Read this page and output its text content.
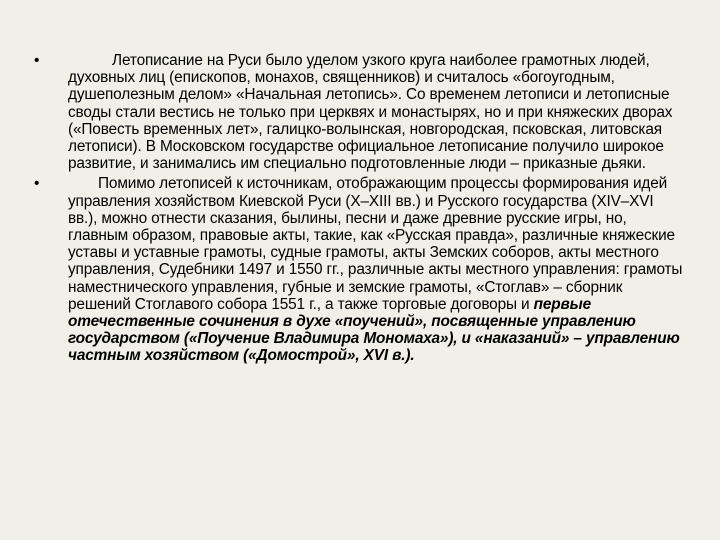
•	Летописание на Руси было уделом узкого круга наиболее грамотных людей, духовных лиц (епископов, монахов, священников) и считалось «богоугодным, душеполезным делом» «Начальная летопись». Со временем летописи и летописные своды стали вестись не только при церквях и монастырях, но и при княжеских дворах («Повесть временных лет», галицко-волынская, новгородская, псковская, литовская летописи). В Московском государстве официальное летописание получило широкое развитие, и занимались им специально подготовленные люди – приказные дьяки.
•	Помимо летописей к источникам, отображающим процессы формирования идей управления хозяйством Киевской Руси (X–XIII вв.) и Русского государства (XIV–XVI вв.), можно отнести сказания, былины, песни и даже древние русские игры, но, главным образом, правовые акты, такие, как «Русская правда», различные княжеские уставы и уставные грамоты, судные грамоты, акты Земских соборов, акты местного управления, Судебники 1497 и 1550 гг., различные акты местного управления: грамоты наместнического управления, губные и земские грамоты, «Стоглав» – сборник решений Стоглавого собора 1551 г., а также торговые договоры и первые отечественные сочинения в духе «поучений», посвященные управлению государством («Поучение Владимира Мономаха»), и «наказаний» – управлению частным хозяйством («Домострой», XVI в.).
